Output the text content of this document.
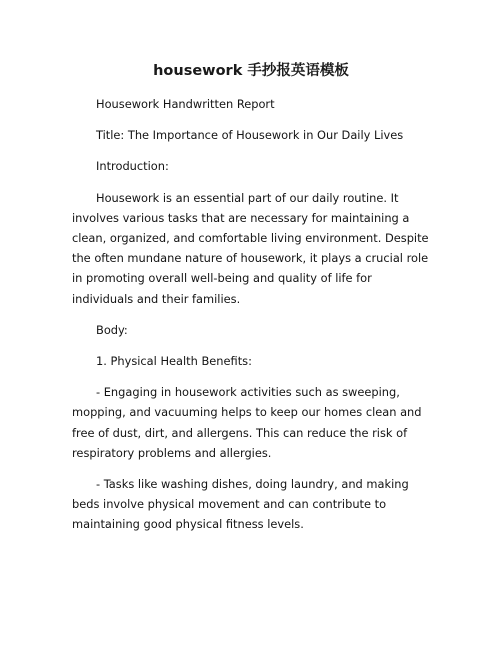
housework 手抄报英语模板

Housework Handwritten Report

Title: The Importance of Housework in Our Daily Lives

Introduction:

Housework is an essential part of our daily routine. It involves various tasks that are necessary for maintaining a clean, organized, and comfortable living environment. Despite the often mundane nature of housework, it plays a crucial role in promoting overall well-being and quality of life for individuals and their families.

Body:

1. Physical Health Benefits:

- Engaging in housework activities such as sweeping, mopping, and vacuuming helps to keep our homes clean and free of dust, dirt, and allergens. This can reduce the risk of respiratory problems and allergies.

- Tasks like washing dishes, doing laundry, and making beds involve physical movement and can contribute to maintaining good physical fitness levels.
